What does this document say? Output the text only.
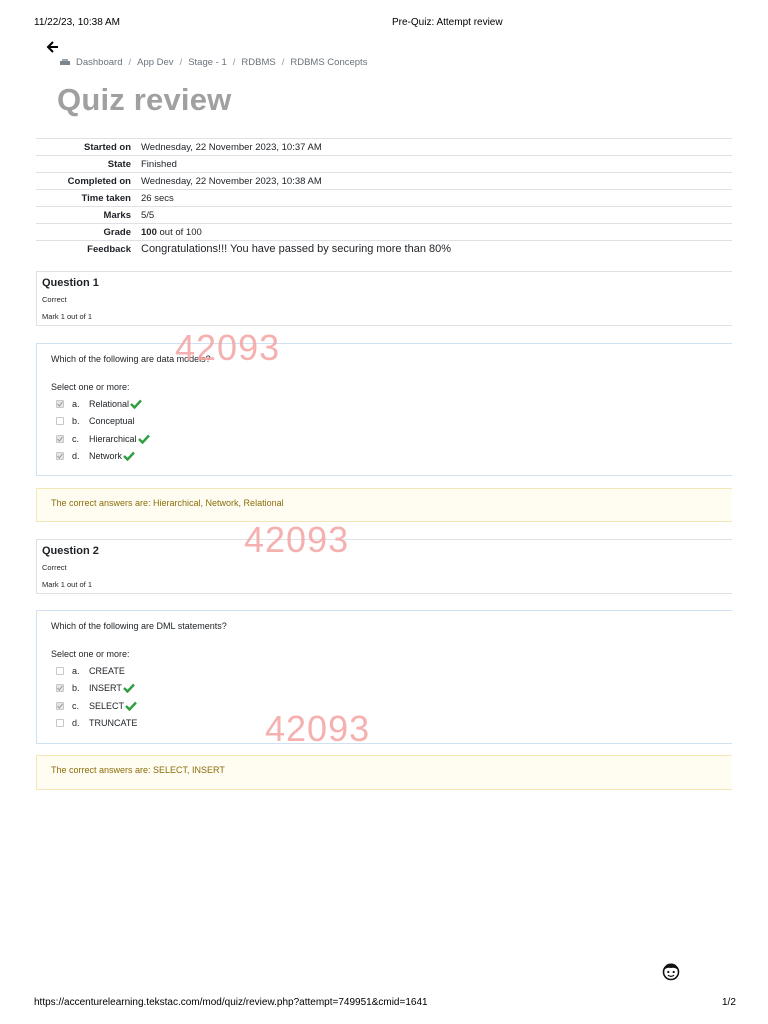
11/22/23, 10:38 AM	Pre-Quiz: Attempt review
Dashboard / App Dev / Stage - 1 / RDBMS / RDBMS Concepts
Quiz review
Started on	Wednesday, 22 November 2023, 10:37 AM
State	Finished
Completed on	Wednesday, 22 November 2023, 10:38 AM
Time taken	26 secs
Marks	5/5
Grade	100 out of 100
Feedback	Congratulations!!! You have passed by securing more than 80%
Question 1
Correct
Mark 1 out of 1
Which of the following are data models?
Select one or more:
a.	Relational
b.	Conceptual
c.	Hierarchical
d.	Network
The correct answers are: Hierarchical, Network, Relational
Question 2
Correct
Mark 1 out of 1
Which of the following are DML statements?
Select one or more:
a.	CREATE
b.	INSERT
c.	SELECT
d.	TRUNCATE
The correct answers are: SELECT, INSERT
42093
42093
42093
https://accenturelearning.tekstac.com/mod/quiz/review.php?attempt=749951&cmid=1641	1/2
